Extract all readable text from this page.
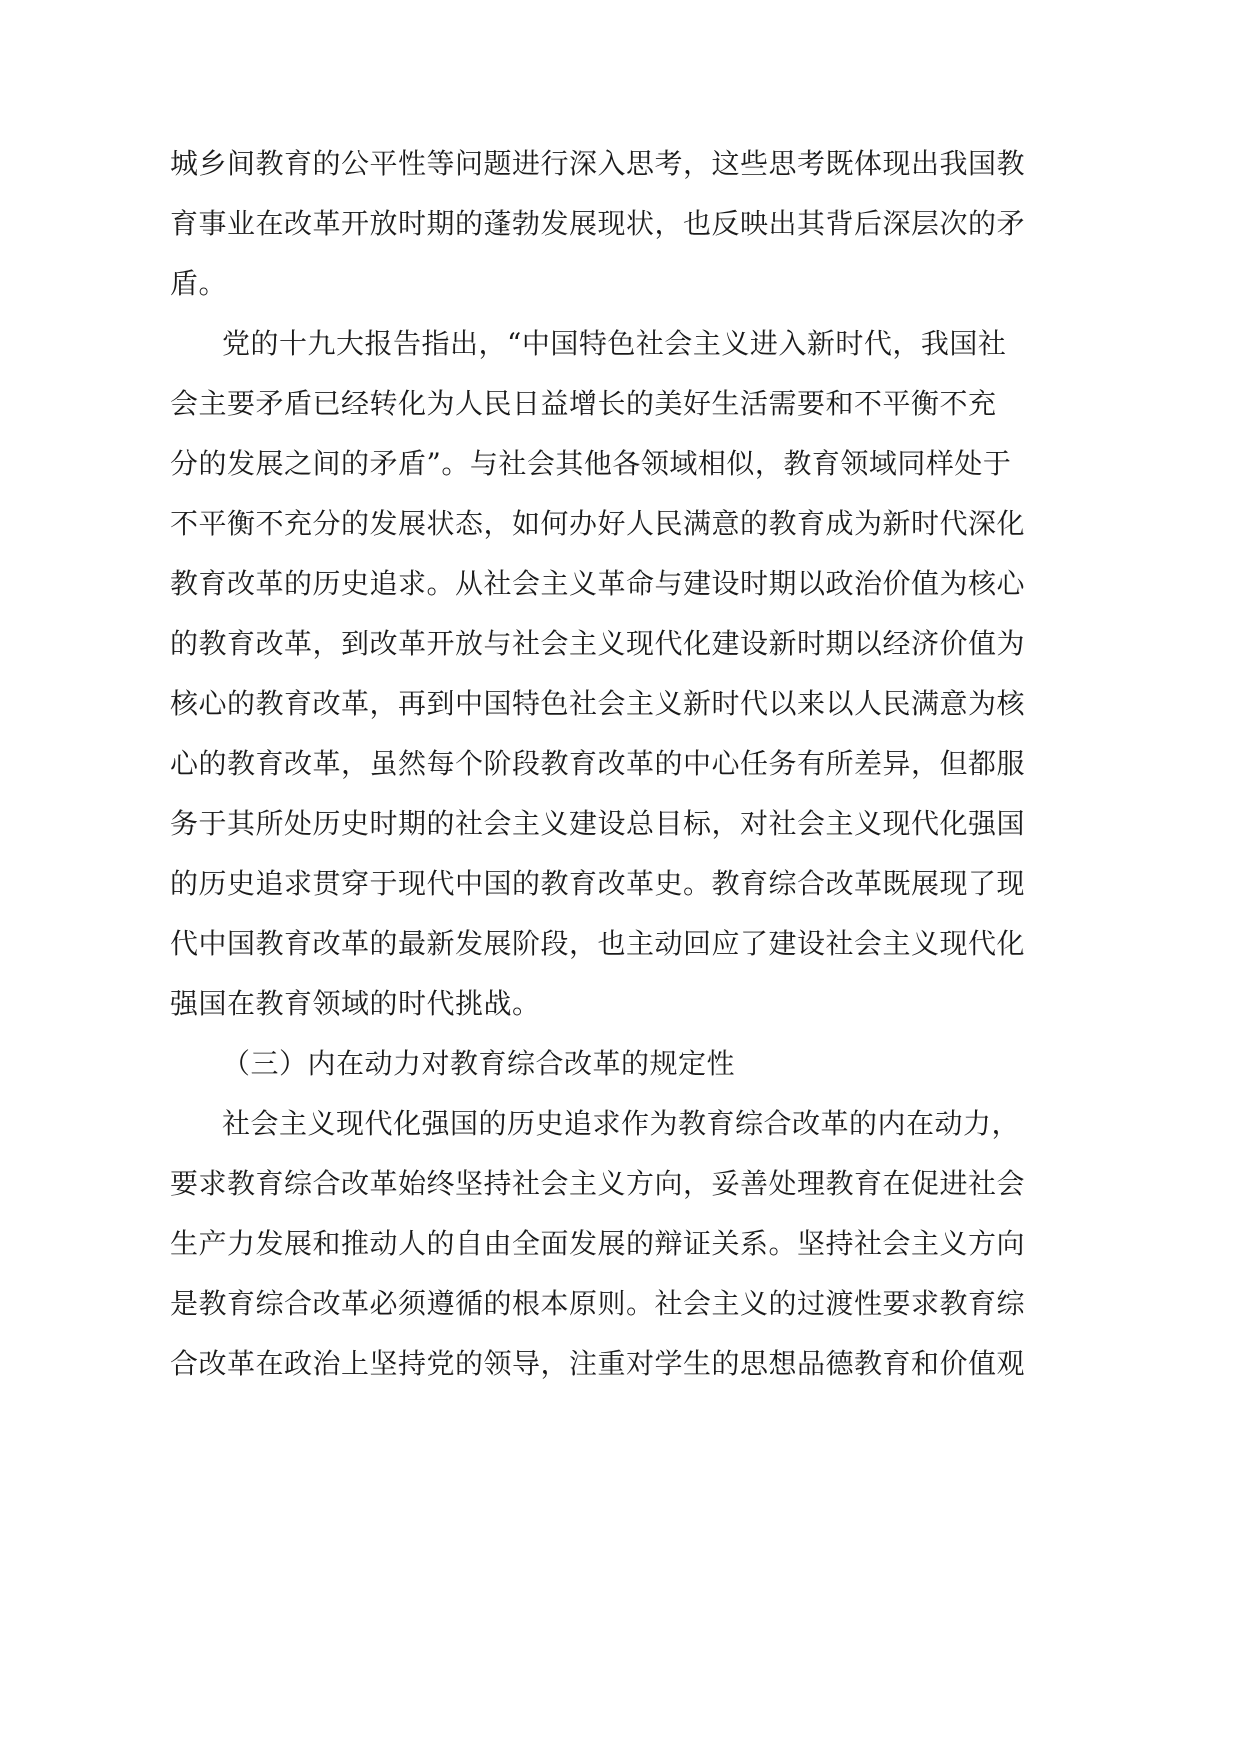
城乡间教育的公平性等问题进行深入思考，这些思考既体现出我国教
育事业在改革开放时期的蓬勃发展现状，也反映出其背后深层次的矛
盾。
党的十九大报告指出，“中国特色社会主义进入新时代，我国社
会主要矛盾已经转化为人民日益增长的美好生活需要和不平衡不充
分的发展之间的矛盾”。与社会其他各领域相似，教育领域同样处于
不平衡不充分的发展状态，如何办好人民满意的教育成为新时代深化
教育改革的历史追求。从社会主义革命与建设时期以政治价值为核心
的教育改革，到改革开放与社会主义现代化建设新时期以经济价值为
核心的教育改革，再到中国特色社会主义新时代以来以人民满意为核
心的教育改革，虽然每个阶段教育改革的中心任务有所差异，但都服
务于其所处历史时期的社会主义建设总目标，对社会主义现代化强国
的历史追求贯穿于现代中国的教育改革史。教育综合改革既展现了现
代中国教育改革的最新发展阶段，也主动回应了建设社会主义现代化
强国在教育领域的时代挑战。
（三）内在动力对教育综合改革的规定性
社会主义现代化强国的历史追求作为教育综合改革的内在动力，
要求教育综合改革始终坚持社会主义方向，妥善处理教育在促进社会
生产力发展和推动人的自由全面发展的辩证关系。坚持社会主义方向
是教育综合改革必须遵循的根本原则。社会主义的过渡性要求教育综
合改革在政治上坚持党的领导，注重对学生的思想品德教育和价值观
